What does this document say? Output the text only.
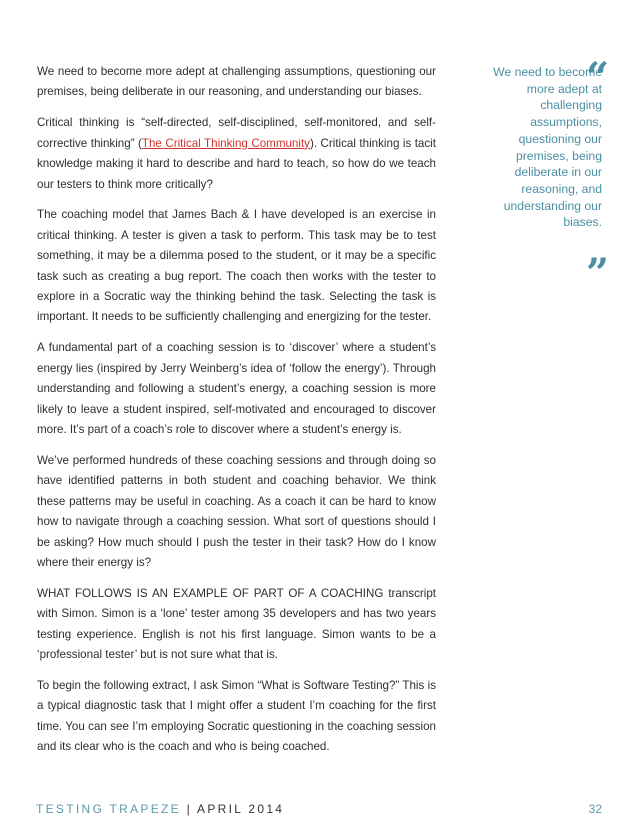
We need to become more adept at challenging assumptions, questioning our premises, being deliberate in our reasoning, and understanding our biases.

Critical thinking is “self-directed, self-disciplined, self-monitored, and self-corrective thinking” (The Critical Thinking Community). Critical thinking is tacit knowledge making it hard to describe and hard to teach, so how do we teach our testers to think more critically?

The coaching model that James Bach & I have developed is an exercise in critical thinking. A tester is given a task to perform. This task may be to test something, it may be a dilemma posed to the student, or it may be a specific task such as creating a bug report. The coach then works with the tester to explore in a Socratic way the thinking behind the task. Selecting the task is important. It needs to be sufficiently challenging and energizing for the tester.

A fundamental part of a coaching session is to ‘discover’ where a student’s energy lies (inspired by Jerry Weinberg’s idea of ‘follow the energy’). Through understanding and following a student’s energy, a coaching session is more likely to leave a student inspired, self-motivated and encouraged to discover more. It’s part of a coach’s role to discover where a student’s energy is.

We’ve performed hundreds of these coaching sessions and through doing so have identified patterns in both student and coaching behavior. We think these patterns may be useful in coaching. As a coach it can be hard to know how to navigate through a coaching session. What sort of questions should I be asking? How much should I push the tester in their task? How do I know where their energy is?

WHAT FOLLOWS IS AN EXAMPLE OF PART OF A COACHING transcript with Simon. Simon is a ‘lone’ tester among 35 developers and has two years testing experience. English is not his first language. Simon wants to be a ‘professional tester’ but is not sure what that is.

To begin the following extract, I ask Simon “What is Software Testing?” This is a typical diagnostic task that I might offer a student I’m coaching for the first time. You can see I’m employing Socratic questioning in the coaching session and its clear who is the coach and who is being coached.

“
We need to become more adept at challenging assumptions, questioning our premises, being deliberate in our reasoning, and understanding our biases.
”
TESTING TRAPEZE | APRIL 2014	32
